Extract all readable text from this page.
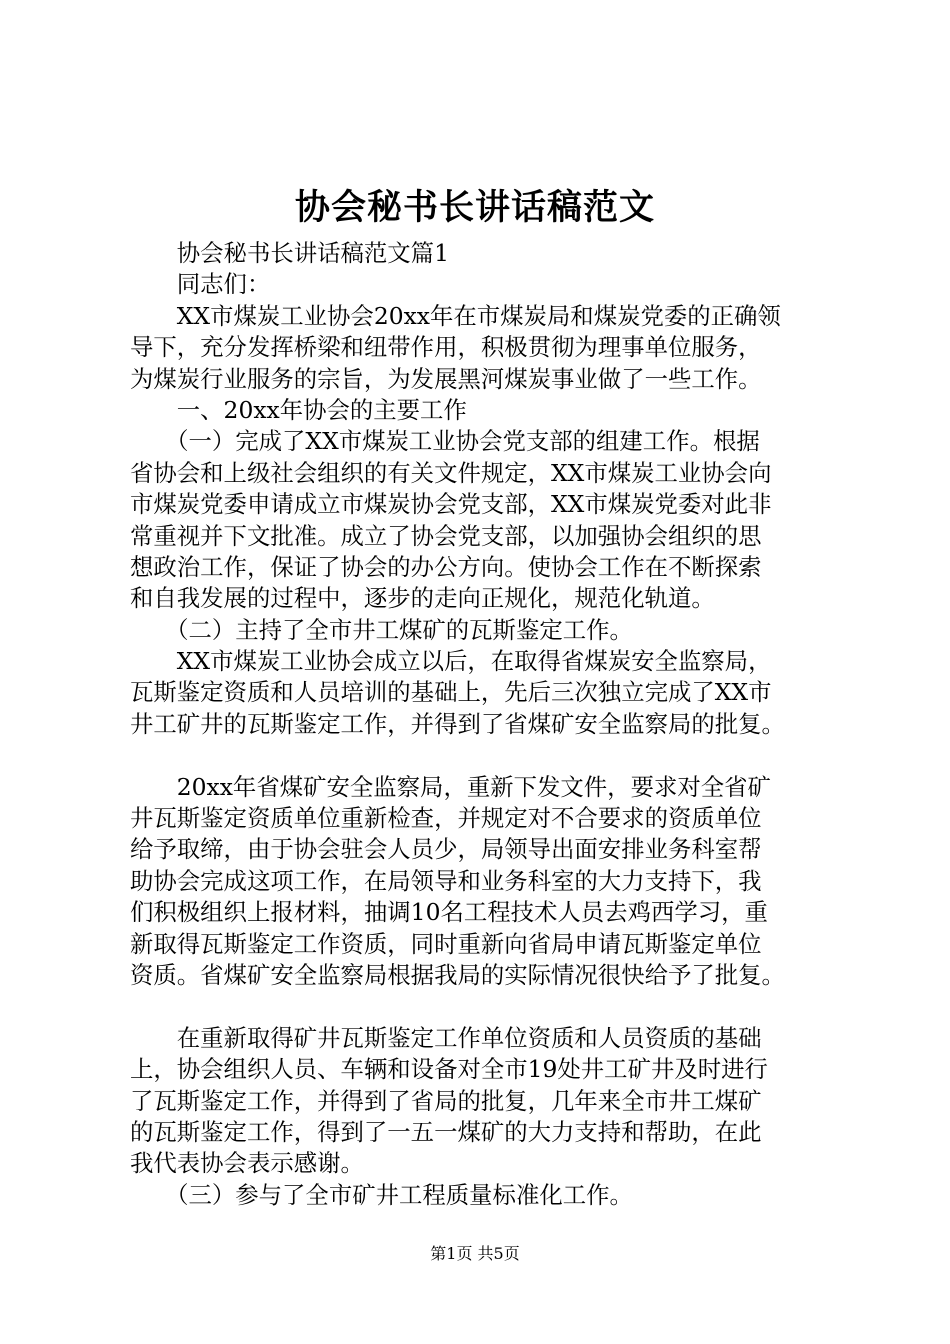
协会秘书长讲话稿范文
　　协会秘书长讲话稿范文篇1
　　同志们：
　　XX市煤炭工业协会20xx年在市煤炭局和煤炭党委的正确领
导下，充分发挥桥梁和纽带作用，积极贯彻为理事单位服务，
为煤炭行业服务的宗旨，为发展黑河煤炭事业做了一些工作。
　　一、20xx年协会的主要工作
　　（一）完成了XX市煤炭工业协会党支部的组建工作。根据
省协会和上级社会组织的有关文件规定，XX市煤炭工业协会向
市煤炭党委申请成立市煤炭协会党支部，XX市煤炭党委对此非
常重视并下文批准。成立了协会党支部，以加强协会组织的思
想政治工作，保证了协会的办公方向。使协会工作在不断探索
和自我发展的过程中，逐步的走向正规化，规范化轨道。
　　（二）主持了全市井工煤矿的瓦斯鉴定工作。
　　XX市煤炭工业协会成立以后，在取得省煤炭安全监察局，
瓦斯鉴定资质和人员培训的基础上，先后三次独立完成了XX市
井工矿井的瓦斯鉴定工作，并得到了省煤矿安全监察局的批复。
　　20xx年省煤矿安全监察局，重新下发文件，要求对全省矿
井瓦斯鉴定资质单位重新检查，并规定对不合要求的资质单位
给予取缔，由于协会驻会人员少，局领导出面安排业务科室帮
助协会完成这项工作，在局领导和业务科室的大力支持下，我
们积极组织上报材料，抽调10名工程技术人员去鸡西学习，重
新取得瓦斯鉴定工作资质，同时重新向省局申请瓦斯鉴定单位
资质。省煤矿安全监察局根据我局的实际情况很快给予了批复。
　　在重新取得矿井瓦斯鉴定工作单位资质和人员资质的基础
上，协会组织人员、车辆和设备对全市19处井工矿井及时进行
了瓦斯鉴定工作，并得到了省局的批复，几年来全市井工煤矿
的瓦斯鉴定工作，得到了一五一煤矿的大力支持和帮助，在此
我代表协会表示感谢。
　　（三）参与了全市矿井工程质量标准化工作。
第1页 共5页
